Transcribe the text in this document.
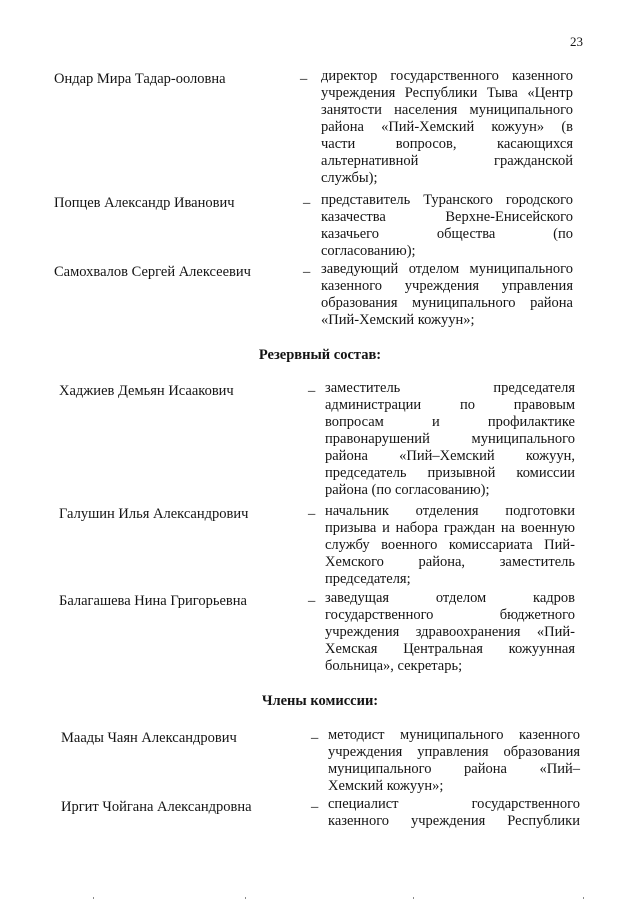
23
Ондар Мира Тадар-ооловна	– директор государственного казенного
учреждения Республики Тыва «Центр
занятости населения муниципального
района «Пий-Хемский кожуун» (в
части вопросов, касающихся
альтернативной гражданской
службы);
Попцев Александр Иванович	– представитель Туранского городского
казачества Верхне-Енисейского
казачьего общества (по
согласованию);
Самохвалов Сергей Алексеевич	– заведующий отделом муниципального
казенного учреждения управления
образования муниципального района
«Пий-Хемский кожуун»;
Резервный состав:
Хаджиев Демьян Исаакович	– заместитель председателя
администрации по правовым
вопросам и профилактике
правонарушений муниципального
района «Пий–Хемский кожуун,
председатель призывной комиссии
района (по согласованию);
Галушин Илья Александрович	– начальник отделения подготовки
призыва и набора граждан на военную
службу военного комиссариата Пий-
Хемского района, заместитель
председателя;
Балагашева Нина Григорьевна	– заведущая отделом кадров
государственного бюджетного
учреждения здравоохранения «Пий-
Хемская Центральная кожуунная
больница», секретарь;
Члены комиссии:
Маады Чаян Александрович	– методист муниципального казенного
учреждения управления образования
муниципального района «Пий–
Хемский кожуун»;
Иргит Чойгана Александровна	– специалист государственного
казенного учреждения Республики
